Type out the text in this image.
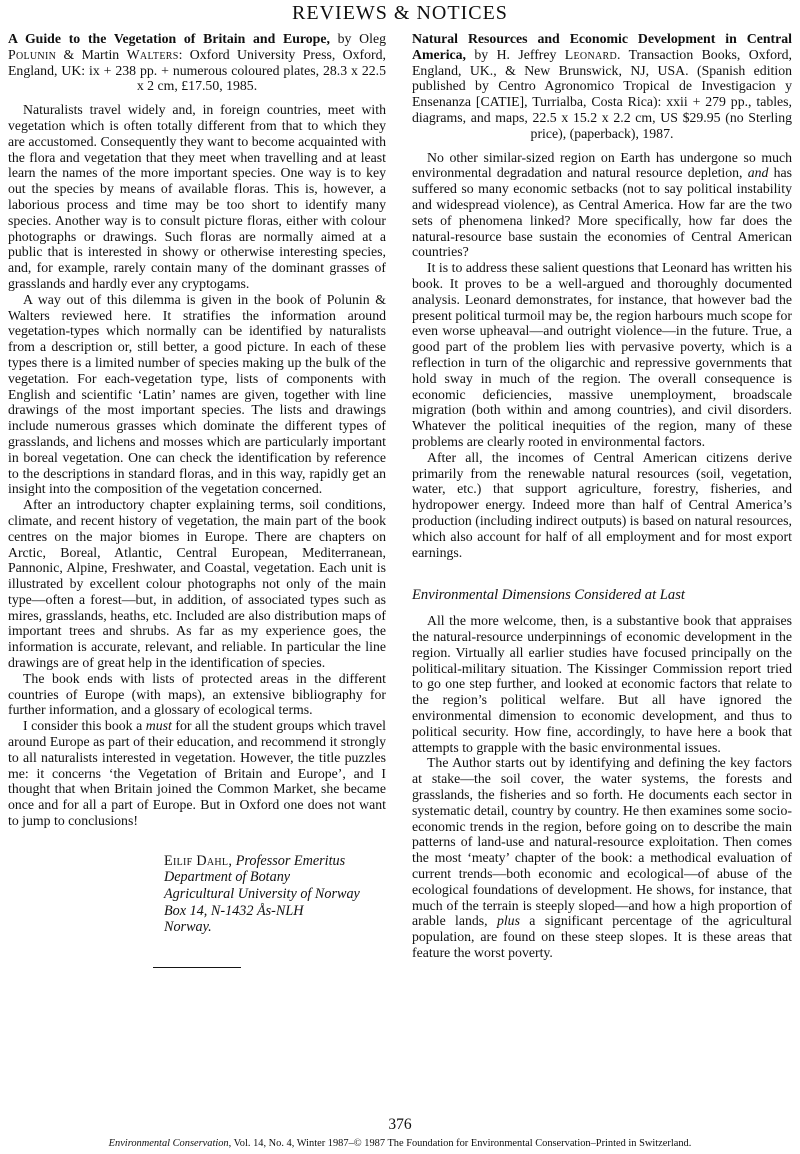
REVIEWS & NOTICES

A Guide to the Vegetation of Britain and Europe, by Oleg Polunin & Martin Walters: Oxford University Press, Oxford, England, UK: ix + 238 pp. + numerous coloured plates, 28.3 x 22.5 x 2 cm, £17.50, 1985.

Naturalists travel widely and, in foreign countries, meet with vegetation which is often totally different from that to which they are accustomed. Consequently they want to become acquainted with the flora and vegetation that they meet when travelling and at least learn the names of the more important species. One way is to key out the species by means of available floras. This is, however, a laborious process and time may be too short to identify many species. Another way is to consult picture floras, either with colour photographs or drawings. Such floras are normally aimed at a public that is interested in showy or otherwise interesting species, and, for example, rarely contain many of the dominant grasses of grasslands and hardly ever any cryptogams.

A way out of this dilemma is given in the book of Polunin & Walters reviewed here. It stratifies the information around vegetation-types which normally can be identified by naturalists from a description or, still better, a good picture. In each of these types there is a limited number of species making up the bulk of the vegetation. For each-vegetation type, lists of components with English and scientific ‘Latin’ names are given, together with line drawings of the most important species. The lists and drawings include numerous grasses which dominate the different types of grasslands, and lichens and mosses which are particularly important in boreal vegetation. One can check the identification by reference to the descriptions in standard floras, and in this way, rapidly get an insight into the composition of the vegetation concerned.

After an introductory chapter explaining terms, soil conditions, climate, and recent history of vegetation, the main part of the book centres on the major biomes in Europe. There are chapters on Arctic, Boreal, Atlantic, Central European, Mediterranean, Pannonic, Alpine, Freshwater, and Coastal, vegetation. Each unit is illustrated by excellent colour photographs not only of the main type—often a forest—but, in addition, of associated types such as mires, grasslands, heaths, etc. Included are also distribution maps of important trees and shrubs. As far as my experience goes, the information is accurate, relevant, and reliable. In particular the line drawings are of great help in the identification of species.

The book ends with lists of protected areas in the different countries of Europe (with maps), an extensive bibliography for further information, and a glossary of ecological terms.

I consider this book a must for all the student groups which travel around Europe as part of their education, and recommend it strongly to all naturalists interested in vegetation. However, the title puzzles me: it concerns ‘the Vegetation of Britain and Europe’, and I thought that when Britain joined the Common Market, she became once and for all a part of Europe. But in Oxford one does not want to jump to conclusions!

Eilif Dahl, Professor Emeritus
Department of Botany
Agricultural University of Norway
Box 14, N-1432 Ås-NLH
Norway.

Natural Resources and Economic Development in Central America, by H. Jeffrey Leonard. Transaction Books, Oxford, England, UK., & New Brunswick, NJ, USA. (Spanish edition published by Centro Agronomico Tropical de Investigacion y Ensenanza [CATIE], Turrialba, Costa Rica): xxii + 279 pp., tables, diagrams, and maps, 22.5 x 15.2 x 2.2 cm, US $29.95 (no Sterling price), (paperback), 1987.

No other similar-sized region on Earth has undergone so much environmental degradation and natural resource depletion, and has suffered so many economic setbacks (not to say political instability and widespread violence), as Central America. How far are the two sets of phenomena linked? More specifically, how far does the natural-resource base sustain the economies of Central American countries?

It is to address these salient questions that Leonard has written his book. It proves to be a well-argued and thoroughly documented analysis. Leonard demonstrates, for instance, that however bad the present political turmoil may be, the region harbours much scope for even worse upheaval—and outright violence—in the future. True, a good part of the problem lies with pervasive poverty, which is a reflection in turn of the oligarchic and repressive governments that hold sway in much of the region. The overall consequence is economic deficiencies, massive unemployment, broadscale migration (both within and among countries), and civil disorders. Whatever the political inequities of the region, many of these problems are clearly rooted in environmental factors.

After all, the incomes of Central American citizens derive primarily from the renewable natural resources (soil, vegetation, water, etc.) that support agriculture, forestry, fisheries, and hydropower energy. Indeed more than half of Central America’s production (including indirect outputs) is based on natural resources, which also account for half of all employment and for most export earnings.

Environmental Dimensions Considered at Last

All the more welcome, then, is a substantive book that appraises the natural-resource underpinnings of economic development in the region. Virtually all earlier studies have focused principally on the political-military situation. The Kissinger Commission report tried to go one step further, and looked at economic factors that relate to the region’s political welfare. But all have ignored the environmental dimension to economic development, and thus to political security. How fine, accordingly, to have here a book that attempts to grapple with the basic environmental issues.

The Author starts out by identifying and defining the key factors at stake—the soil cover, the water systems, the forests and grasslands, the fisheries and so forth. He documents each sector in systematic detail, country by country. He then examines some socio-economic trends in the region, before going on to describe the main patterns of land-use and natural-resource exploitation. Then comes the most ‘meaty’ chapter of the book: a methodical evaluation of current trends—both economic and ecological—of abuse of the ecological foundations of development. He shows, for instance, that much of the terrain is steeply sloped—and how a high proportion of arable lands, plus a significant percentage of the agricultural population, are found on these steep slopes. It is these areas that feature the worst poverty.

376
Environmental Conservation, Vol. 14, No. 4, Winter 1987–© 1987 The Foundation for Environmental Conservation–Printed in Switzerland.
